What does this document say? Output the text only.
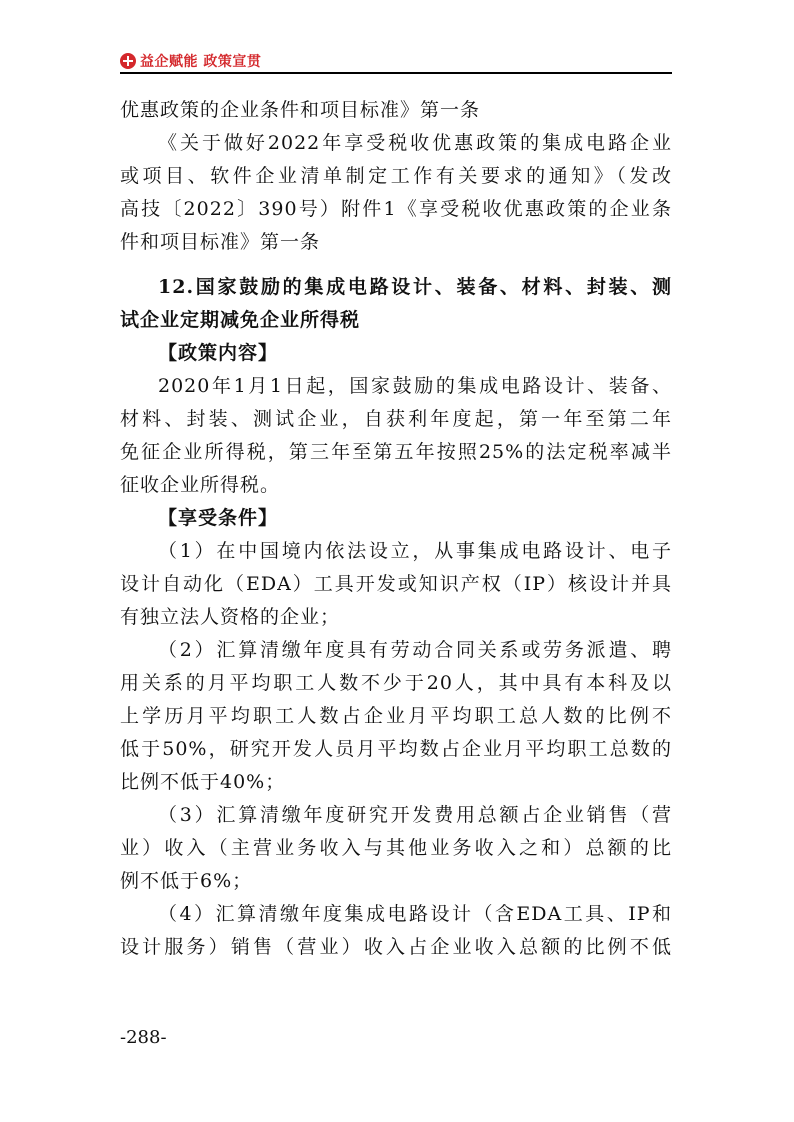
益企赋能 政策宣贯
优惠政策的企业条件和项目标准》第一条
《关于做好2022年享受税收优惠政策的集成电路企业
或项目、软件企业清单制定工作有关要求的通知》（发改
高技〔2022〕390号）附件1《享受税收优惠政策的企业条
件和项目标准》第一条
12.国家鼓励的集成电路设计、装备、材料、封装、测
试企业定期减免企业所得税
【政策内容】
2020年1月1日起，国家鼓励的集成电路设计、装备、
材料、封装、测试企业，自获利年度起，第一年至第二年
免征企业所得税，第三年至第五年按照25%的法定税率减半
征收企业所得税。
【享受条件】
（1）在中国境内依法设立，从事集成电路设计、电子
设计自动化（EDA）工具开发或知识产权（IP）核设计并具
有独立法人资格的企业；
（2）汇算清缴年度具有劳动合同关系或劳务派遣、聘
用关系的月平均职工人数不少于20人，其中具有本科及以
上学历月平均职工人数占企业月平均职工总人数的比例不
低于50%，研究开发人员月平均数占企业月平均职工总数的
比例不低于40%；
（3）汇算清缴年度研究开发费用总额占企业销售（营
业）收入（主营业务收入与其他业务收入之和）总额的比
例不低于6%；
（4）汇算清缴年度集成电路设计（含EDA工具、IP和
设计服务）销售（营业）收入占企业收入总额的比例不低
-288-
